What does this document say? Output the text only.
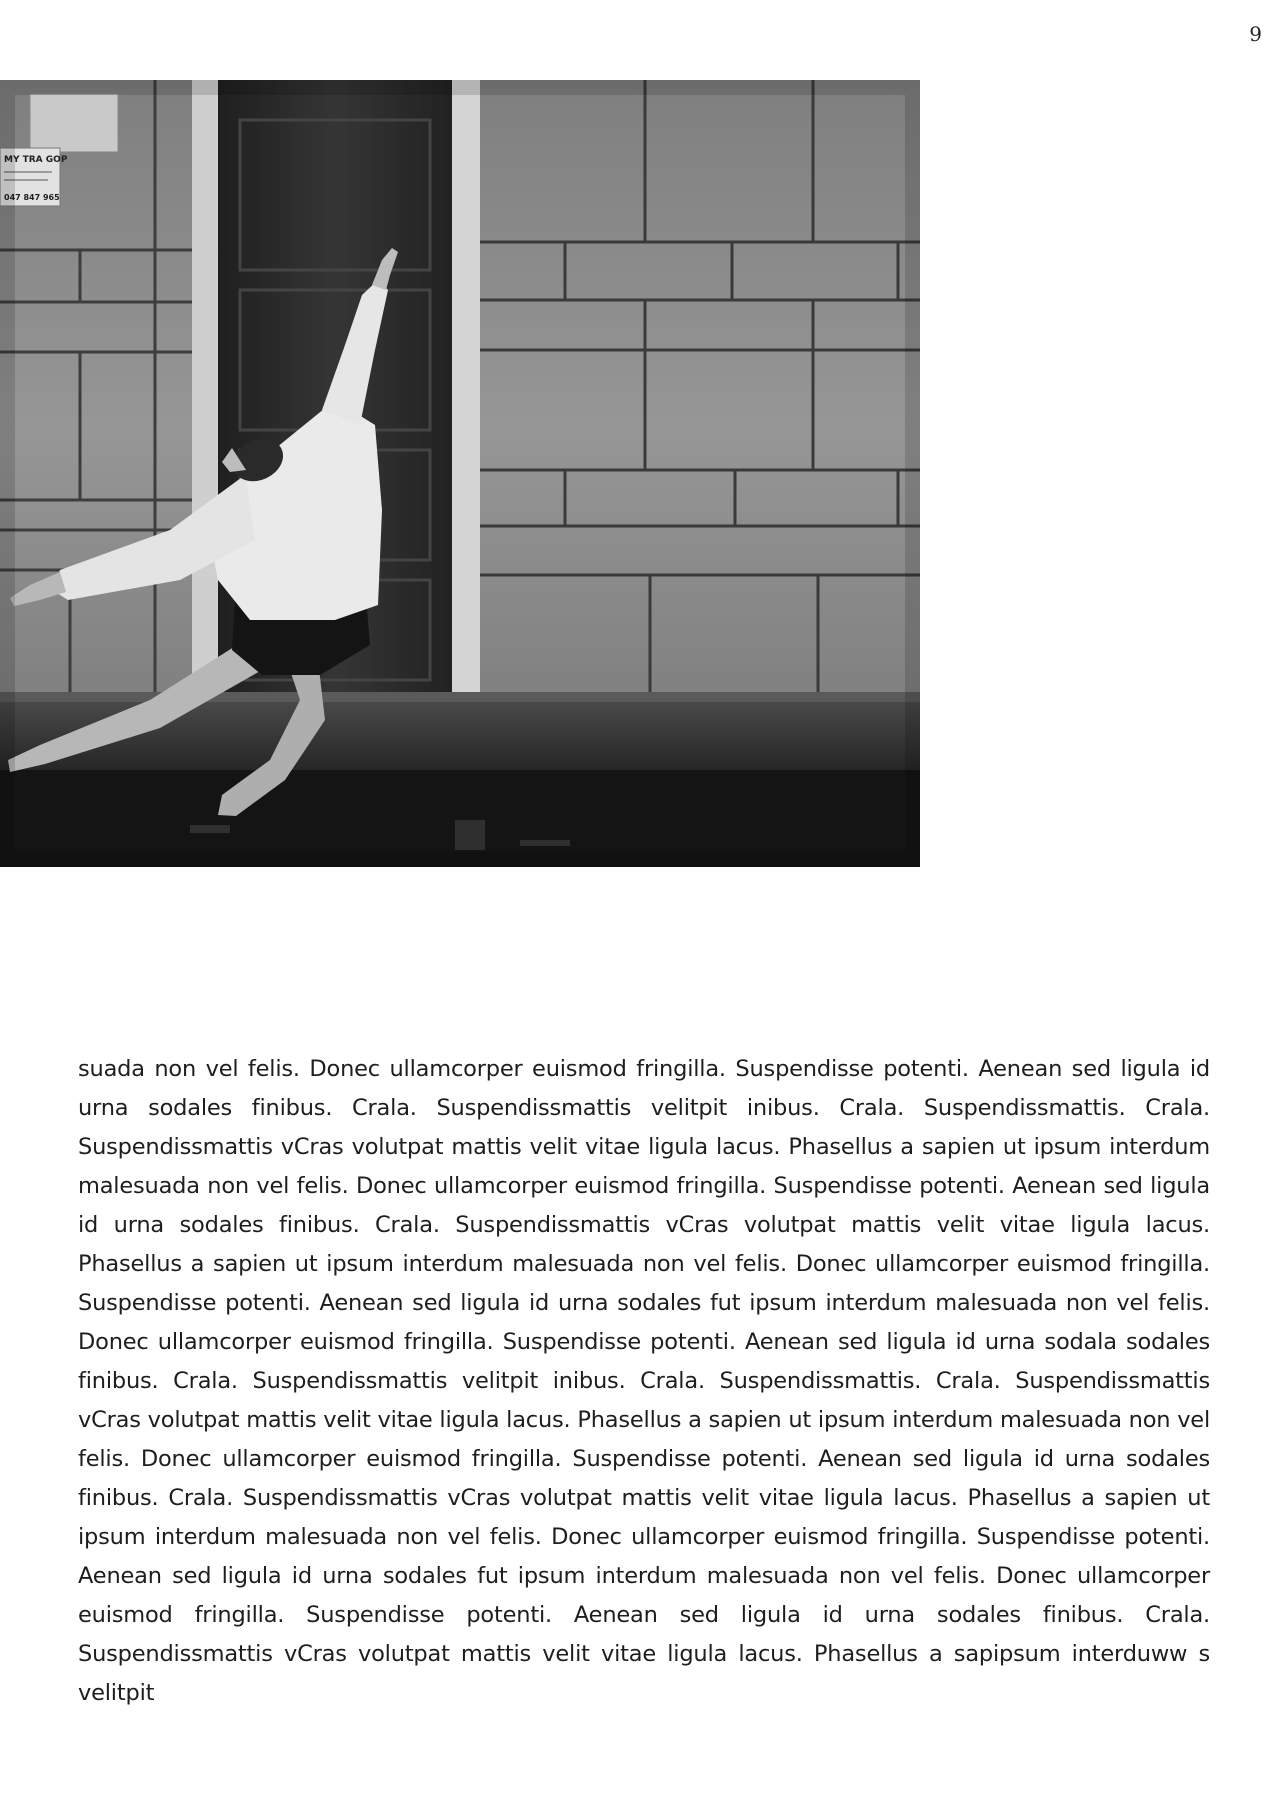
9
MY TRA GOP
047 847 965

suada non vel felis. Donec ullamcorper euismod fringilla. Suspendisse potenti. Aenean sed ligula id urna sodales finibus. Crala. Suspendissmattis velitpit inibus. Crala. Suspendissmattis. Crala. Suspendissmattis vCras volutpat mattis velit vitae ligula lacus. Phasellus a sapien ut ipsum interdum malesuada non vel felis. Donec ullamcorper euismod fringilla. Suspendisse potenti. Aenean sed ligula id urna sodales finibus. Crala. Suspendissmattis vCras volutpat mattis velit vitae ligula lacus. Phasellus a sapien ut ipsum interdum malesuada non vel felis. Donec ullamcorper euismod fringilla. Suspendisse potenti. Aenean sed ligula id urna sodales fut ipsum interdum malesuada non vel felis. Donec ullamcorper euismod fringilla. Suspendisse potenti. Aenean sed ligula id urna sodala sodales finibus. Crala. Suspendissmattis velitpit inibus. Crala. Suspendissmattis. Crala. Suspendissmattis vCras volutpat mattis velit vitae ligula lacus. Phasellus a sapien ut ipsum interdum malesuada non vel felis. Donec ullamcorper euismod fringilla. Suspendisse potenti. Aenean sed ligula id urna sodales finibus. Crala. Suspendissmattis vCras volutpat mattis velit vitae ligula lacus. Phasellus a sapien ut ipsum interdum malesuada non vel felis. Donec ullamcorper euismod fringilla. Suspendisse potenti. Aenean sed ligula id urna sodales fut ipsum interdum malesuada non vel felis. Donec ullamcorper euismod fringilla. Suspendisse potenti. Aenean sed ligula id urna sodales finibus. Crala. Suspendissmattis vCras volutpat mattis velit vitae ligula lacus. Phasellus a sapipsum interduww s velitpit
